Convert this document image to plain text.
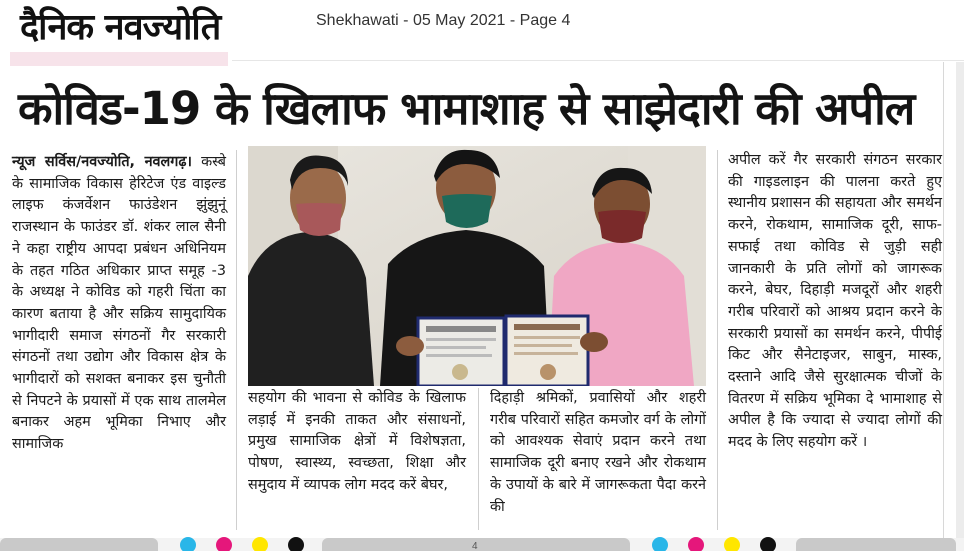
दैनिक नवज्योति	Shekhawati - 05 May 2021 - Page 4
कोविड-19 के खिलाफ भामाशाह से साझेदारी की अपील
न्यूज सर्विस/नवज्योति, नवलगढ़। कस्बे के सामाजिक विकास हेरिटेज एंड वाइल्ड लाइफ कंजर्वेशन फाउंडेशन झुंझुनूं राजस्थान के फाउंडर डॉ. शंकर लाल सैनी ने कहा राष्ट्रीय आपदा प्रबंधन अधिनियम के तहत गठित अधिकार प्राप्त समूह -3 के अध्यक्ष ने कोविड को गहरी चिंता का कारण बताया है और सक्रिय सामुदायिक भागीदारी समाज संगठनों गैर सरकारी संगठनों तथा उद्योग और विकास क्षेत्र के भागीदारों को सशक्त बनाकर इस चुनौती से निपटने के प्रयासों में एक साथ तालमेल बनाकर अहम भूमिका निभाए और सामाजिक
सहयोग की भावना से कोविड के खिलाफ लड़ाई में इनकी ताकत और संसाधनों, प्रमुख सामाजिक क्षेत्रों में विशेषज्ञता, पोषण, स्वास्थ्य, स्वच्छता, शिक्षा और समुदाय में व्यापक लोग मदद करें बेघर,
दिहाड़ी श्रमिकों, प्रवासियों और शहरी गरीब परिवारों सहित कमजोर वर्ग के लोगों को आवश्यक सेवाएं प्रदान करने तथा सामाजिक दूरी बनाए रखने और रोकथाम के उपायों के बारे में जागरूकता पैदा करने की
अपील करें गैर सरकारी संगठन सरकार की गाइडलाइन की पालना करते हुए स्थानीय प्रशासन की सहायता और समर्थन करने, रोकथाम, सामाजिक दूरी, साफ-सफाई तथा कोविड से जुड़ी सही जानकारी के प्रति लोगों को जागरूक करने, बेघर, दिहाड़ी मजदूरों और शहरी गरीब परिवारों को आश्रय प्रदान करने के सरकारी प्रयासों का समर्थन करने, पीपीई किट और सैनेटाइजर, साबुन, मास्क, दस्ताने आदि जैसे सुरक्षात्मक चीजों के वितरण में सक्रिय भूमिका दे भामाशाह से अपील है कि ज्यादा से ज्यादा लोगों की मदद के लिए सहयोग करें ।
4
